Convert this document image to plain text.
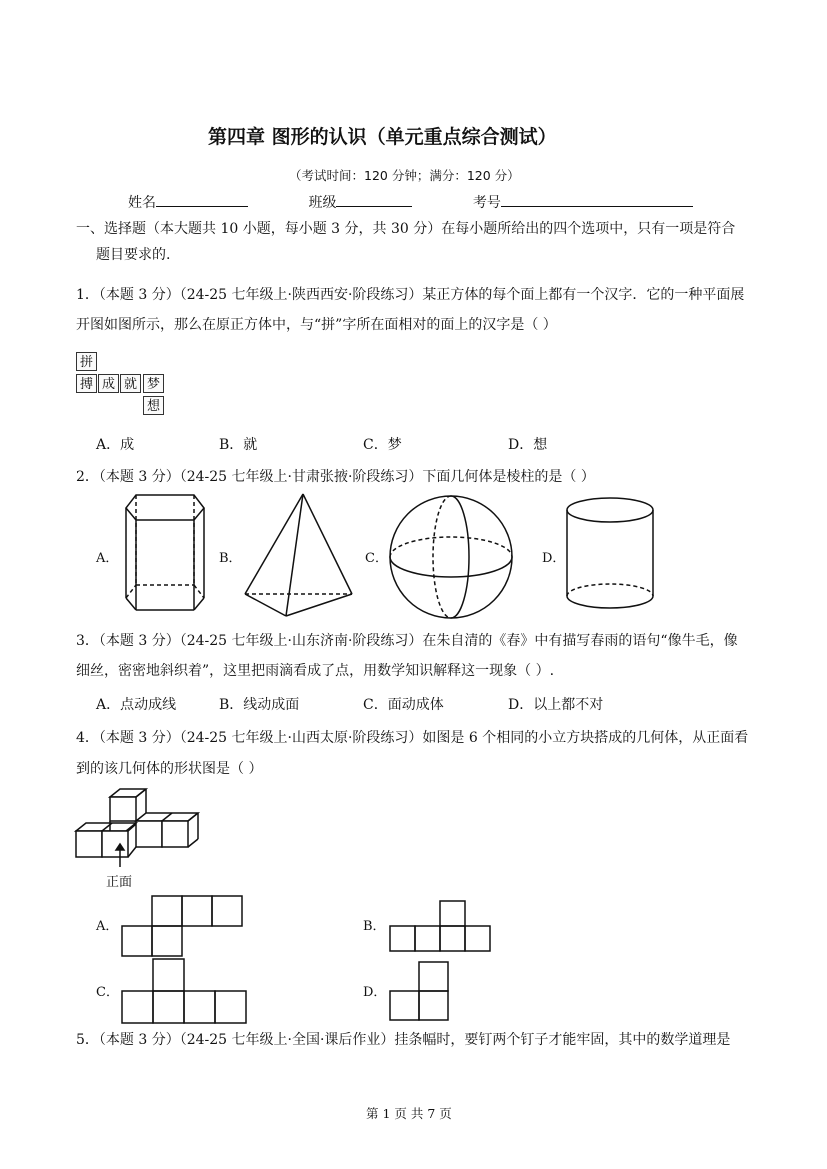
第四章 图形的认识（单元重点综合测试）
（考试时间：120 分钟；满分：120 分）
姓名	班级	考号
一、选择题（本大题共 10 小题，每小题 3 分，共 30 分）在每小题所给出的四个选项中，只有一项是符合
题目要求的.
1．（本题 3 分）（24-25 七年级上·陕西西安·阶段练习）某正方体的每个面上都有一个汉字．它的一种平面展
开图如图所示，那么在原正方体中，与“拼”字所在面相对的面上的汉字是（ ）
拼
搏 成 就 梦
想
A．成	B．就	C．梦	D．想
2．（本题 3 分）（24-25 七年级上·甘肃张掖·阶段练习）下面几何体是棱柱的是（ ）
A．	B．	C．	D．
3．（本题 3 分）（24-25 七年级上·山东济南·阶段练习）在朱自清的《春》中有描写春雨的语句“像牛毛，像
细丝，密密地斜织着”，这里把雨滴看成了点，用数学知识解释这一现象（ ）.
A．点动成线	B．线动成面	C．面动成体	D．以上都不对
4．（本题 3 分）（24-25 七年级上·山西太原·阶段练习）如图是 6 个相同的小立方块搭成的几何体，从正面看
到的该几何体的形状图是（ ）
正面
A．	B．
C．	D．
5．（本题 3 分）（24-25 七年级上·全国·课后作业）挂条幅时，要钉两个钉子才能牢固，其中的数学道理是
第 1 页 共 7 页
